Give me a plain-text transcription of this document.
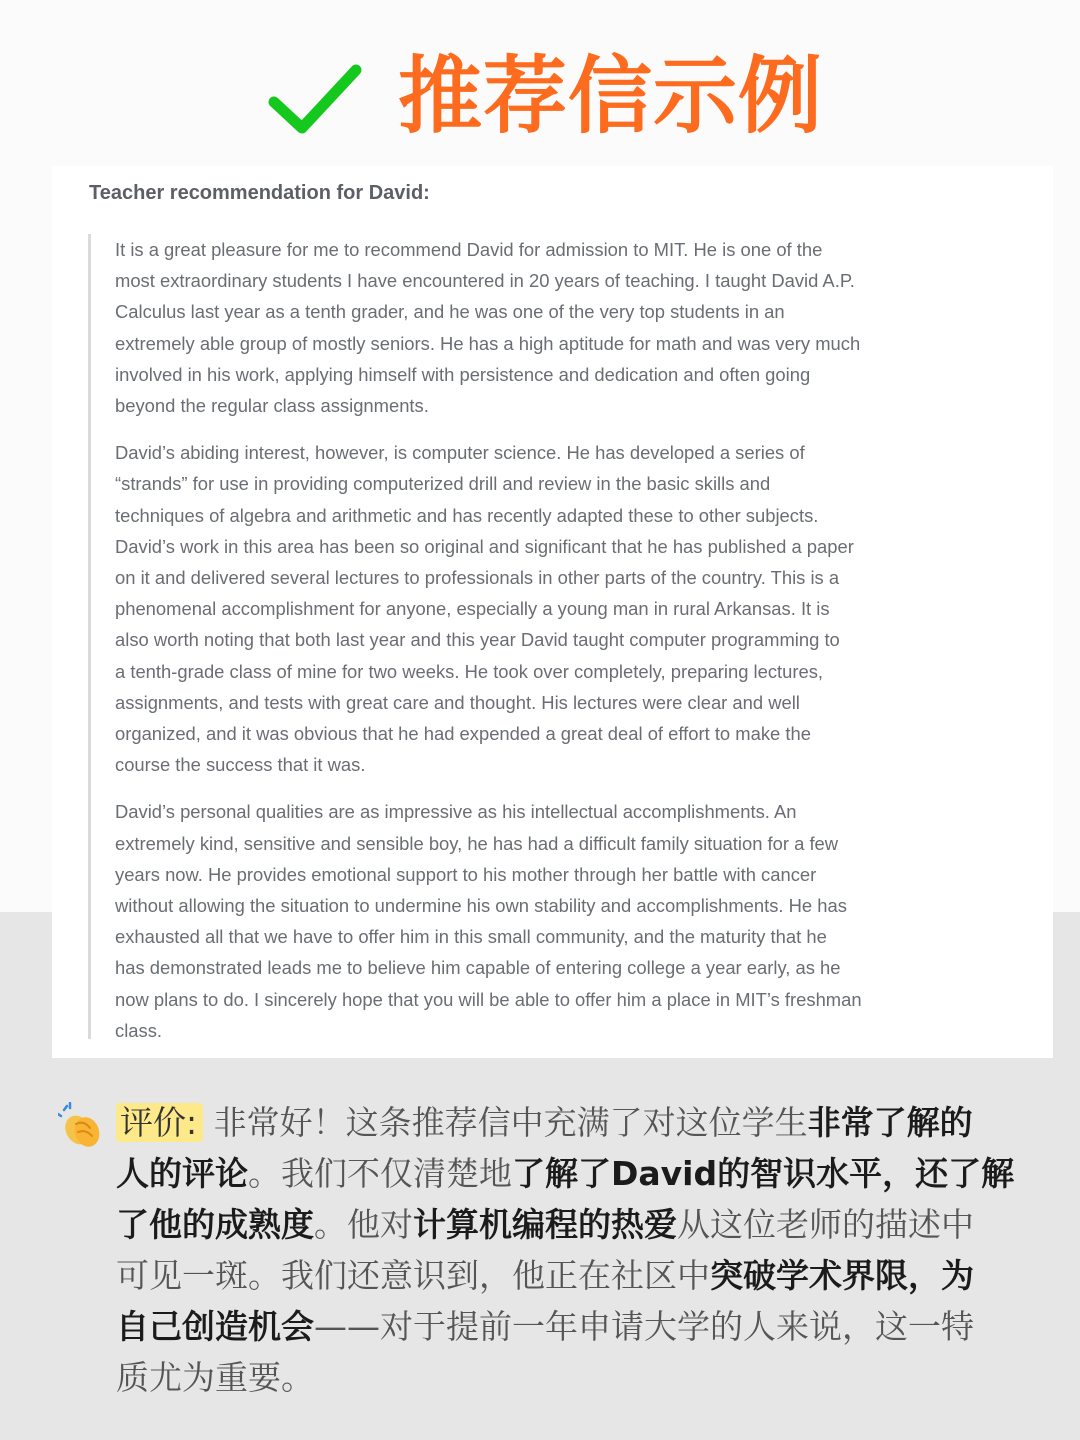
推荐信示例
Teacher recommendation for David:
It is a great pleasure for me to recommend David for admission to MIT. He is one of the
most extraordinary students I have encountered in 20 years of teaching. I taught David A.P.
Calculus last year as a tenth grader, and he was one of the very top students in an
extremely able group of mostly seniors. He has a high aptitude for math and was very much
involved in his work, applying himself with persistence and dedication and often going
beyond the regular class assignments.
David’s abiding interest, however, is computer science. He has developed a series of
“strands” for use in providing computerized drill and review in the basic skills and
techniques of algebra and arithmetic and has recently adapted these to other subjects.
David’s work in this area has been so original and significant that he has published a paper
on it and delivered several lectures to professionals in other parts of the country. This is a
phenomenal accomplishment for anyone, especially a young man in rural Arkansas. It is
also worth noting that both last year and this year David taught computer programming to
a tenth-grade class of mine for two weeks. He took over completely, preparing lectures,
assignments, and tests with great care and thought. His lectures were clear and well
organized, and it was obvious that he had expended a great deal of effort to make the
course the success that it was.
David’s personal qualities are as impressive as his intellectual accomplishments. An
extremely kind, sensitive and sensible boy, he has had a difficult family situation for a few
years now. He provides emotional support to his mother through her battle with cancer
without allowing the situation to undermine his own stability and accomplishments. He has
exhausted all that we have to offer him in this small community, and the maturity that he
has demonstrated leads me to believe him capable of entering college a year early, as he
now plans to do. I sincerely hope that you will be able to offer him a place in MIT’s freshman
class.
评价: 非常好！这条推荐信中充满了对这位学生非常了解的
人的评论。我们不仅清楚地了解了David的智识水平，还了解
了他的成熟度。他对计算机编程的热爱从这位老师的描述中
可见一斑。我们还意识到，他正在社区中突破学术界限，为
自己创造机会——对于提前一年申请大学的人来说，这一特
质尤为重要。
